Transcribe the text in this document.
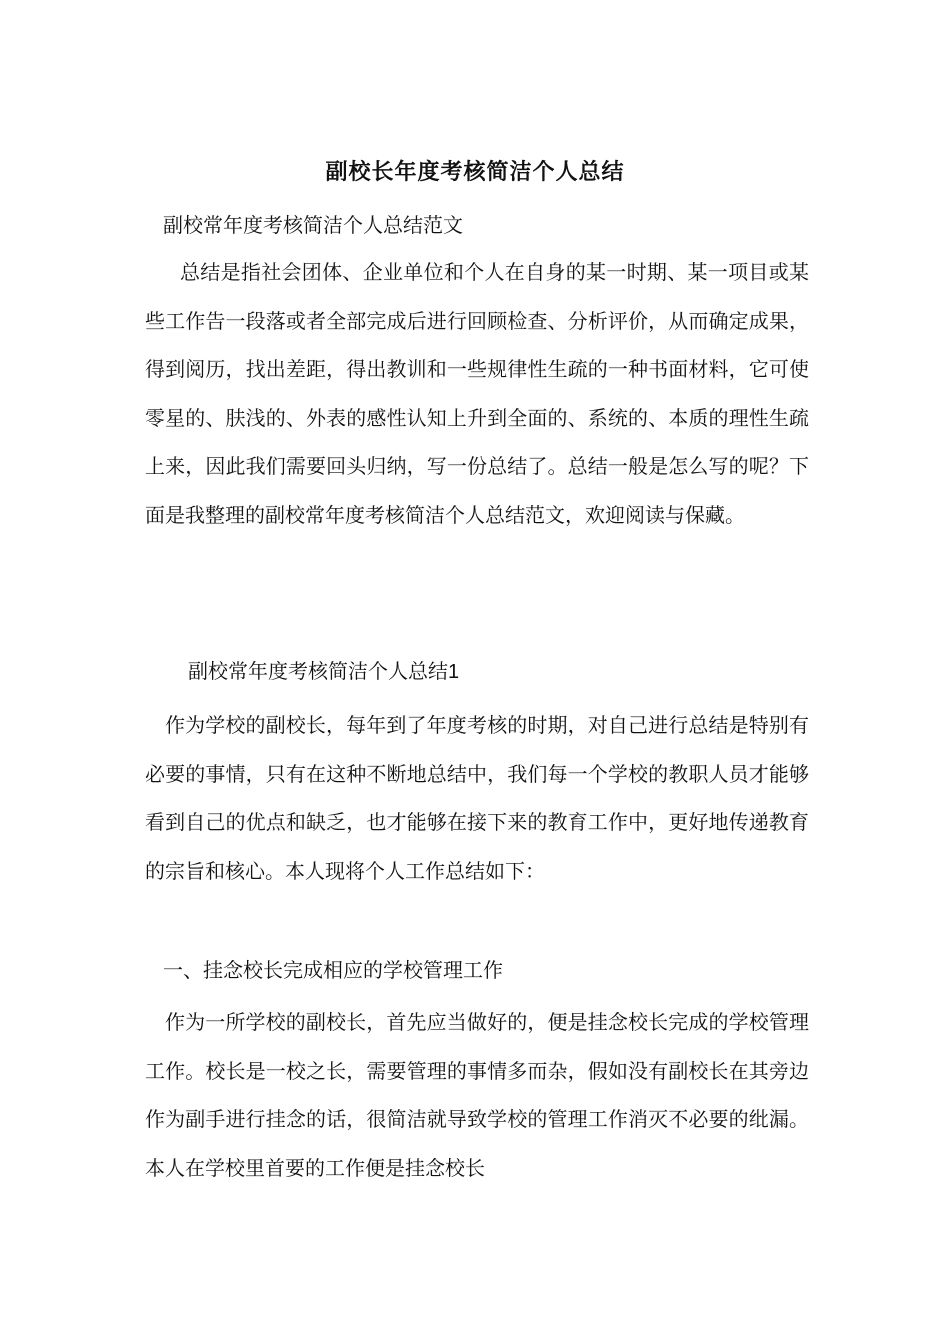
副校长年度考核简洁个人总结
副校常年度考核简洁个人总结范文

总结是指社会团体、企业单位和个人在自身的某一时期、某一项目或某些工作告一段落或者全部完成后进行回顾检查、分析评价，从而确定成果，得到阅历，找出差距，得出教训和一些规律性生疏的一种书面材料，它可使零星的、肤浅的、外表的感性认知上升到全面的、系统的、本质的理性生疏上来，因此我们需要回头归纳，写一份总结了。总结一般是怎么写的呢？下面是我整理的副校常年度考核简洁个人总结范文，欢迎阅读与保藏。

副校常年度考核简洁个人总结1

作为学校的副校长，每年到了年度考核的时期，对自己进行总结是特别有必要的事情，只有在这种不断地总结中，我们每一个学校的教职人员才能够看到自己的优点和缺乏，也才能够在接下来的教育工作中，更好地传递教育的宗旨和核心。本人现将个人工作总结如下：

一、挂念校长完成相应的学校管理工作

作为一所学校的副校长，首先应当做好的，便是挂念校长完成的学校管理工作。校长是一校之长，需要管理的事情多而杂，假如没有副校长在其旁边作为副手进行挂念的话，很简洁就导致学校的管理工作消灭不必要的纰漏。本人在学校里首要的工作便是挂念校长
